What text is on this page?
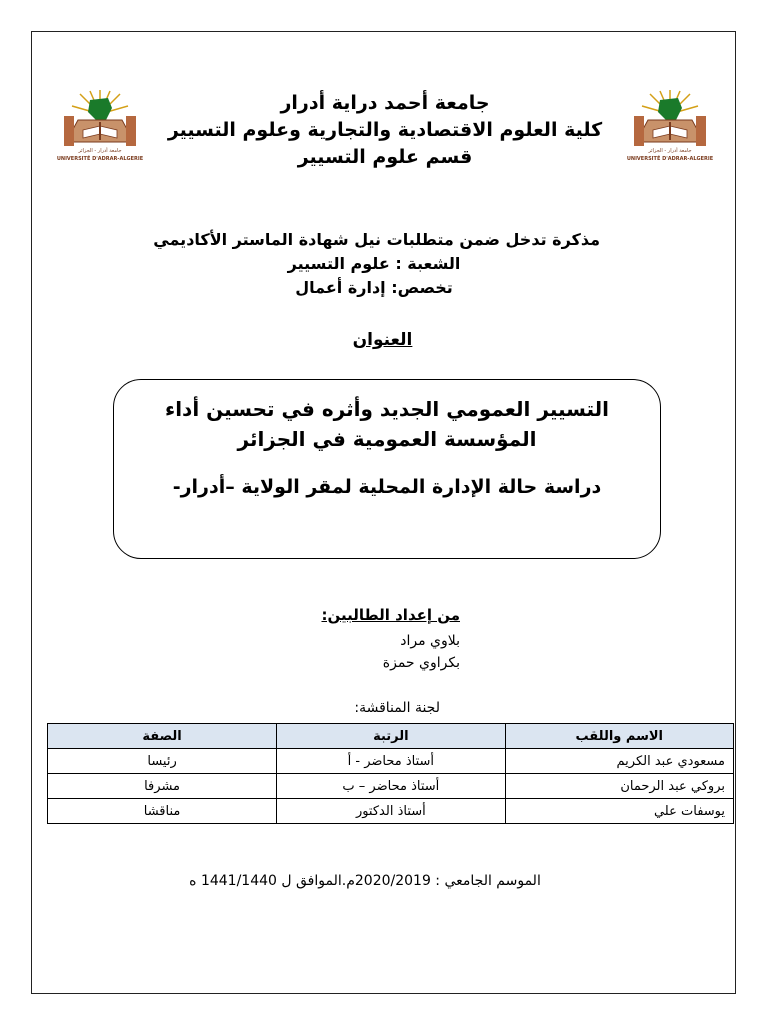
جامعة أدرار - الجزائر
UNIVERSITÉ D'ADRAR-ALGERIE
جامعة أدرار - الجزائر
UNIVERSITÉ D'ADRAR-ALGERIE
جامعة أحمد دراية أدرار
كلية العلوم الاقتصادية والتجارية وعلوم التسيير
قسم علوم التسيير
مذكرة تدخل ضمن متطلبات نيل شهادة الماستر الأكاديمي
الشعبة : علوم التسيير
تخصص: إدارة أعمال
العنوان
التسيير العمومي الجديد وأثره في تحسين أداء
المؤسسة العمومية في الجزائر
دراسة حالة الإدارة المحلية لمقر الولاية –أدرار-
من إعداد الطالبين:
بلاوي مراد
بكراوي حمزة
لجنة المناقشة:
الاسم واللقب	الرتبة	الصفة
مسعودي عبد الكريم	أستاذ محاضر - أ	رئيسا
بروكي عبد الرحمان	أستاذ محاضر – ب	مشرفا
يوسفات علي	أستاذ الدكتور	مناقشا
الموسم الجامعي : 2020/2019م.الموافق ل 1441/1440 ه
